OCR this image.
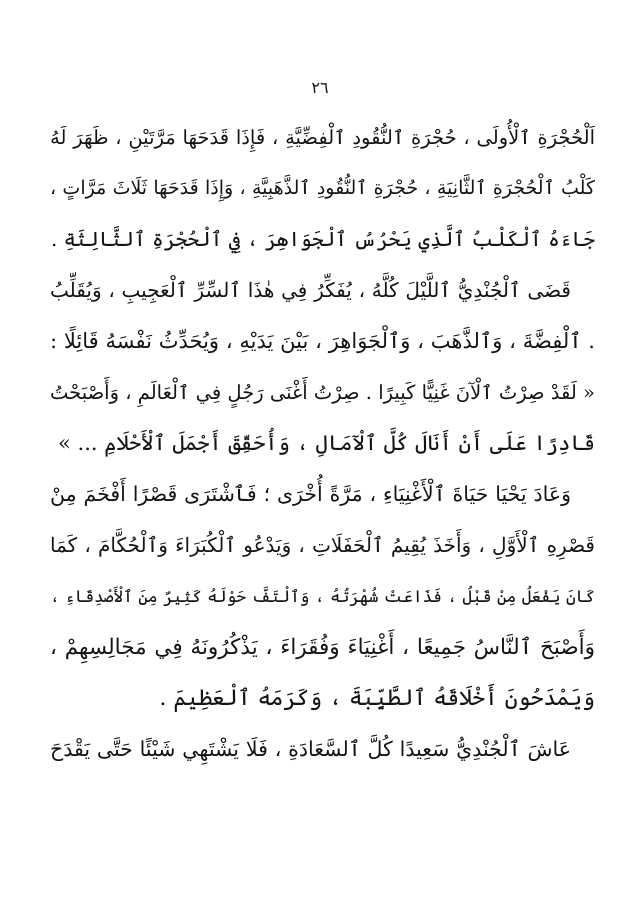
٢٦
اَلْحُجْرَةِ ٱلْأُولَى ، حُجْرَةِ ٱلنُّقُودِ ٱلْفِضِّيَّةِ ، فَإِذَا قَدَحَهَا مَرَّتَيْنِ ، ظَهَرَ لَهُ
كَلْبُ ٱلْحُجْرَةِ ٱلثَّانِيَةِ ، حُجْرَةِ ٱلنُّقُودِ ٱلذَّهَبِيَّةِ ، وَإِذَا قَدَحَهَا ثَلَاثَ مَرَّاتٍ ،
جَاءَهُ ٱلْكَلْبُ ٱلَّذِي يَحْرُسُ ٱلْجَوَاهِرَ ، فِي ٱلْحُجْرَةِ ٱلثَّالِثَةِ .
قَضَى ٱلْجُنْدِيُّ ٱللَّيْلَ كُلَّهُ ، يُفَكِّرُ فِي هٰذَا ٱلسِّرِّ ٱلْعَجِيبِ ، وَيُقَلِّبُ
. ٱلْفِضَّةَ ، وَٱلذَّهَبَ ، وَٱلْجَوَاهِرَ ، بَيْنَ يَدَيْهِ ، وَيُحَدِّثُ نَفْسَهُ قَائِلًا :
« لَقَدْ صِرْتُ ٱلْآنَ غَنِيًّا كَبِيرًا . صِرْتُ أَغْنَى رَجُلٍ فِي ٱلْعَالَمِ ، وَأَصْبَحْتُ
قَادِرًا عَلَى أَنْ أَنَالَ كُلَّ ٱلْآمَالِ ، وَأُحَقِّقَ أَجْمَلَ ٱلْأَحْلَامِ ... »
وَعَادَ يَحْيَا حَيَاةَ ٱلْأَغْنِيَاءِ ، مَرَّةً أُخْرَى ؛ فَٱشْتَرَى قَصْرًا أَفْخَمَ مِنْ
قَصْرِهِ ٱلْأَوَّلِ ، وَأَخَذَ يُقِيمُ ٱلْحَفَلَاتِ ، وَيَدْعُو ٱلْكُبَرَاءَ وَٱلْحُكَّامَ ، كَمَا
كَانَ يَفْعَلُ مِنْ قَبْلُ ، فَذَاعَتْ شُهْرَتُهُ ، وَٱلْتَفَّ حَوْلَهُ كَثِيرٌ مِنَ ٱلْأَصْدِقَاءِ ،
وَأَصْبَحَ ٱلنَّاسُ جَمِيعًا ، أَغْنِيَاءَ وَفُقَرَاءَ ، يَذْكُرُونَهُ فِي مَجَالِسِهِمْ ،
وَيَمْدَحُونَ أَخْلَاقَهُ ٱلطَّيِّبَةَ ، وَكَرَمَهُ ٱلْعَظِيمَ .
عَاشَ ٱلْجُنْدِيُّ سَعِيدًا كُلَّ ٱلسَّعَادَةِ ، فَلَا يَشْتَهِي شَيْئًا حَتَّى يَقْدَحَ
